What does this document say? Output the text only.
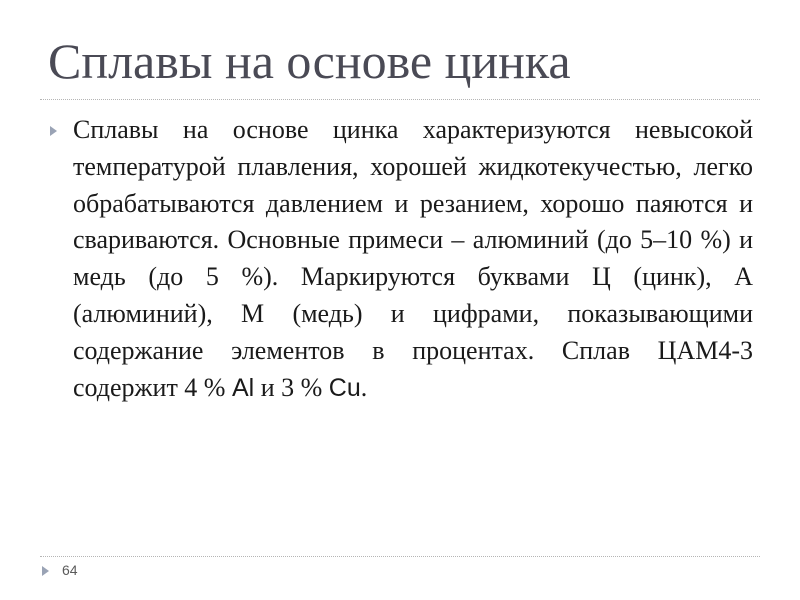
Сплавы на основе цинка

Сплавы на основе цинка характеризуются невысокой температурой плавления, хорошей жидкотекучестью, легко обрабатываются давлением и резанием, хорошо паяются и свариваются. Основные примеси – алюминий (до 5–10 %) и медь (до 5 %). Маркируются буквами Ц (цинк), А (алюминий), М (медь) и цифрами, показывающими содержание элементов в процентах. Сплав ЦАМ4-3 содержит 4 % Al и 3 % Cu.

64
